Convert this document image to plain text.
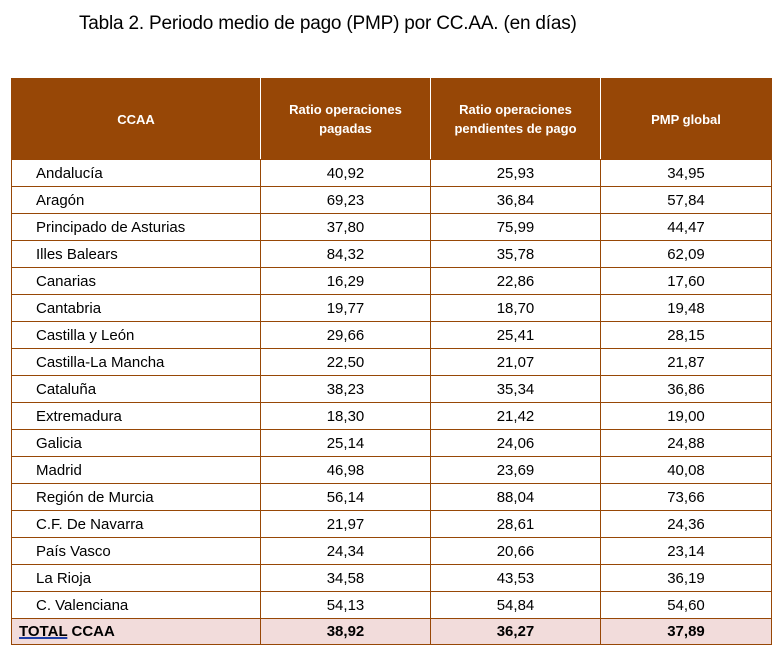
Tabla 2. Periodo medio de pago (PMP) por CC.AA. (en días)
CCAA	Ratio operaciones pagadas	Ratio operaciones pendientes de pago	PMP global
Andalucía	40,92	25,93	34,95
Aragón	69,23	36,84	57,84
Principado de Asturias	37,80	75,99	44,47
Illes Balears	84,32	35,78	62,09
Canarias	16,29	22,86	17,60
Cantabria	19,77	18,70	19,48
Castilla y León	29,66	25,41	28,15
Castilla-La Mancha	22,50	21,07	21,87
Cataluña	38,23	35,34	36,86
Extremadura	18,30	21,42	19,00
Galicia	25,14	24,06	24,88
Madrid	46,98	23,69	40,08
Región de Murcia	56,14	88,04	73,66
C.F. De Navarra	21,97	28,61	24,36
País Vasco	24,34	20,66	23,14
La Rioja	34,58	43,53	36,19
C. Valenciana	54,13	54,84	54,60
TOTAL CCAA	38,92	36,27	37,89
